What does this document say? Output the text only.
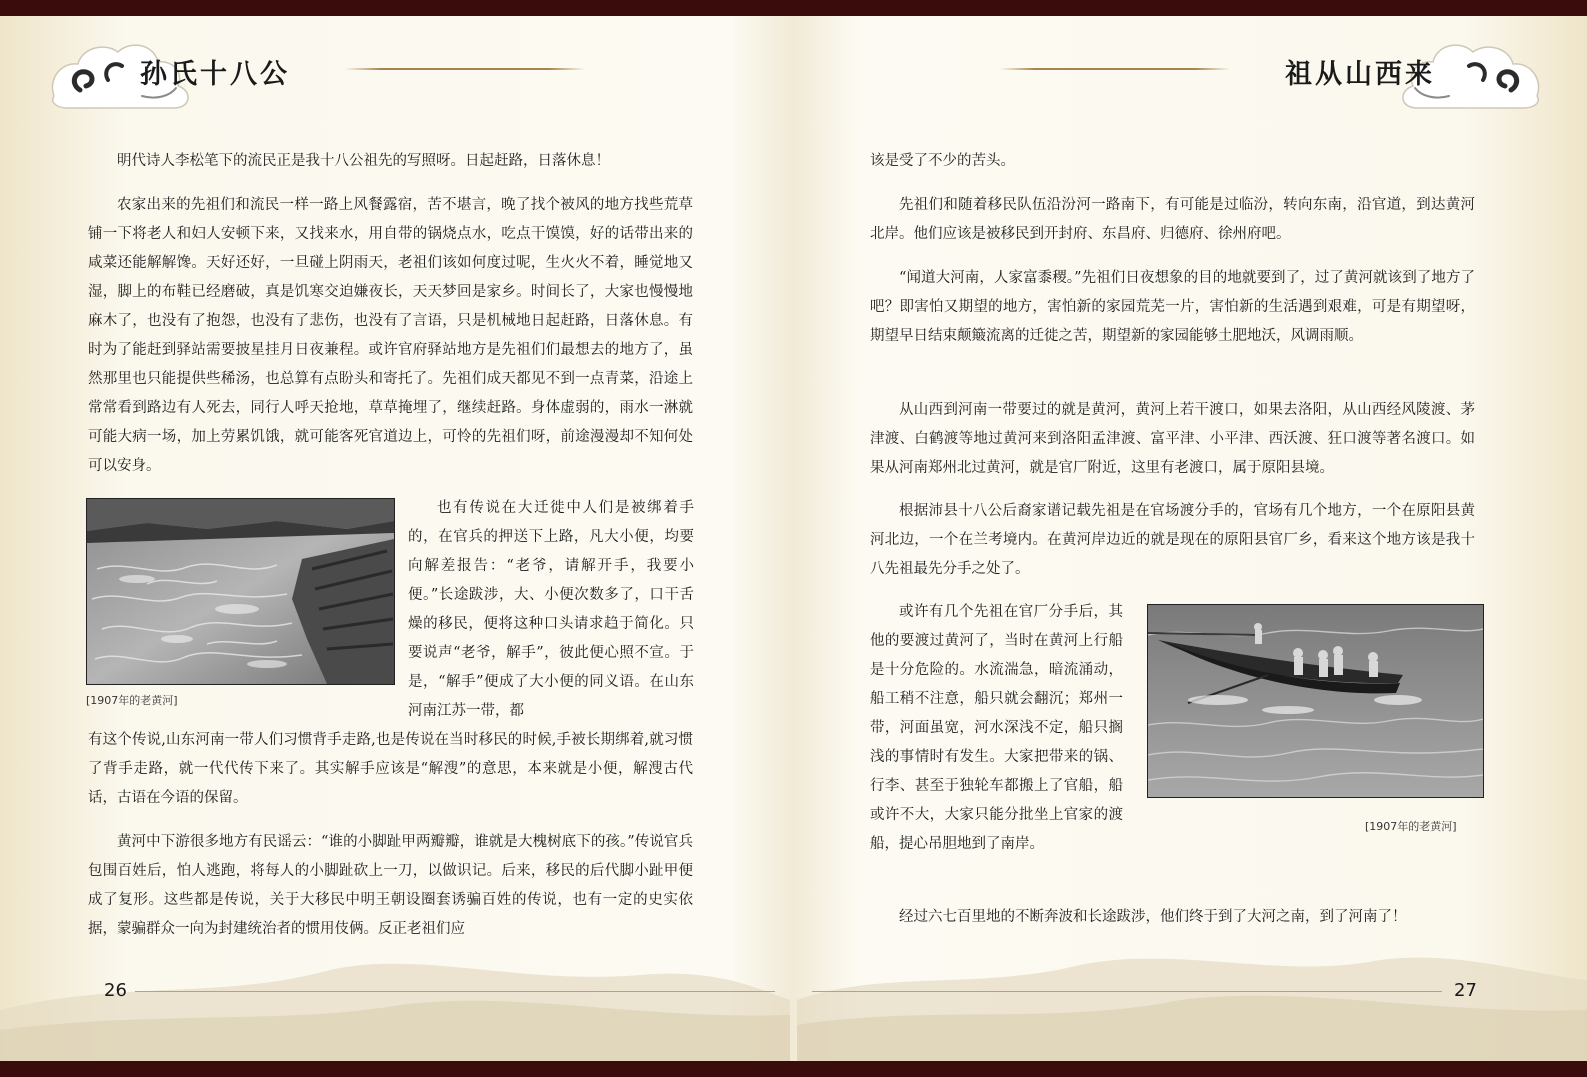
孙氏十八公	祖从山西来

明代诗人李松笔下的流民正是我十八公祖先的写照呀。日起赶路，日落休息！

农家出来的先祖们和流民一样一路上风餐露宿，苦不堪言，晚了找个被风的地方找些荒草铺一下将老人和妇人安顿下来，又找来水，用自带的锅烧点水，吃点干馍馍，好的话带出来的咸菜还能解解馋。天好还好，一旦碰上阴雨天，老祖们该如何度过呢，生火火不着，睡觉地又湿，脚上的布鞋已经磨破，真是饥寒交迫嫌夜长，天天梦回是家乡。时间长了，大家也慢慢地麻木了，也没有了抱怨，也没有了悲伤，也没有了言语，只是机械地日起赶路，日落休息。有时为了能赶到驿站需要披星挂月日夜兼程。或许官府驿站地方是先祖们们最想去的地方了，虽然那里也只能提供些稀汤，也总算有点盼头和寄托了。先祖们成天都见不到一点青菜，沿途上常常看到路边有人死去，同行人呼天抢地，草草掩埋了，继续赶路。身体虚弱的，雨水一淋就可能大病一场，加上劳累饥饿，就可能客死官道边上，可怜的先祖们呀，前途漫漫却不知何处可以安身。

也有传说在大迁徙中人们是被绑着手的，在官兵的押送下上路，凡大小便，均要向解差报告：“老爷，请解开手，我要小便。”长途跋涉，大、小便次数多了，口干舌燥的移民，便将这种口头请求趋于简化。只要说声“老爷，解手”，彼此便心照不宣。于是，“解手”便成了大小便的同义语。在山东河南江苏一带，都

有这个传说,山东河南一带人们习惯背手走路,也是传说在当时移民的时候,手被长期绑着,就习惯了背手走路，就一代代传下来了。其实解手应该是“解溲”的意思，本来就是小便，解溲古代话，古语在今语的保留。

黄河中下游很多地方有民谣云：“谁的小脚趾甲两瓣瓣，谁就是大槐树底下的孩。”传说官兵包围百姓后，怕人逃跑，将每人的小脚趾砍上一刀，以做识记。后来，移民的后代脚小趾甲便成了复形。这些都是传说，关于大移民中明王朝设圈套诱骗百姓的传说，也有一定的史实依据，蒙骗群众一向为封建统治者的惯用伎俩。反正老祖们应

[1907年的老黄河]

该是受了不少的苦头。

先祖们和随着移民队伍沿汾河一路南下，有可能是过临汾，转向东南，沿官道，到达黄河北岸。他们应该是被移民到开封府、东昌府、归德府、徐州府吧。

“闻道大河南，人家富黍稷。”先祖们日夜想象的目的地就要到了，过了黄河就该到了地方了吧？即害怕又期望的地方，害怕新的家园荒芜一片，害怕新的生活遇到艰难，可是有期望呀，期望早日结束颠簸流离的迁徙之苦，期望新的家园能够土肥地沃，风调雨顺。

从山西到河南一带要过的就是黄河，黄河上若干渡口，如果去洛阳，从山西经风陵渡、茅津渡、白鹤渡等地过黄河来到洛阳孟津渡、富平津、小平津、西沃渡、狂口渡等著名渡口。如果从河南郑州北过黄河，就是官厂附近，这里有老渡口，属于原阳县境。

根据沛县十八公后裔家谱记载先祖是在官场渡分手的，官场有几个地方，一个在原阳县黄河北边，一个在兰考境内。在黄河岸边近的就是现在的原阳县官厂乡，看来这个地方该是我十八先祖最先分手之处了。

或许有几个先祖在官厂分手后，其他的要渡过黄河了，当时在黄河上行船是十分危险的。水流湍急，暗流涌动，船工稍不注意，船只就会翻沉；郑州一带，河面虽宽，河水深浅不定，船只搁浅的事情时有发生。大家把带来的锅、行李、甚至于独轮车都搬上了官船，船或许不大，大家只能分批坐上官家的渡船，提心吊胆地到了南岸。

经过六七百里地的不断奔波和长途跋涉，他们终于到了大河之南，到了河南了！

[1907年的老黄河]
26	27
